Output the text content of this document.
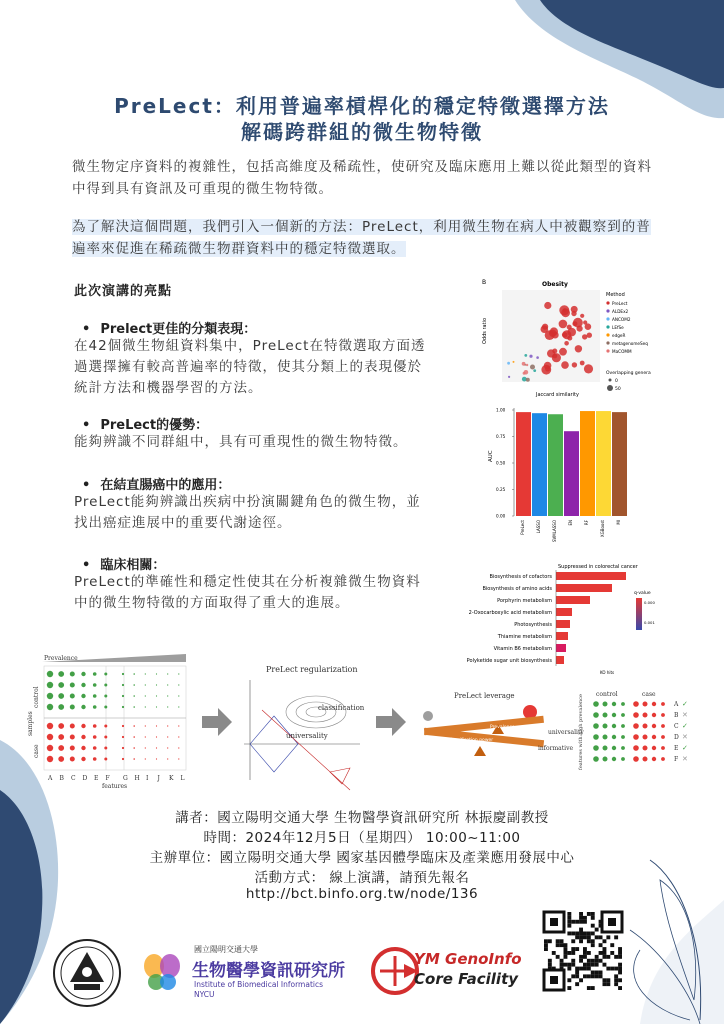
PreLect：利用普遍率槓桿化的穩定特徵選擇方法
解碼跨群組的微生物特徵
微生物定序資料的複雜性，包括高維度及稀疏性，使研究及臨床應用上難以從此類型的資料中得到具有資訊及可重現的微生物特徵。
為了解決這個問題，我們引入一個新的方法：PreLect，利用微生物在病人中被觀察到的普遍率來促進在稀疏微生物群資料中的穩定特徵選取。
此次演講的亮點
• Prelect更佳的分類表現：
在42個微生物組資料集中，PreLect在特徵選取方面透過選擇擁有較高普遍率的特徵，使其分類上的表現優於統計方法和機器學習的方法。
• PreLect的優勢：
能夠辨識不同群組中，具有可重現性的微生物特徵。
• 在結直腸癌中的應用：
PreLect能夠辨識出疾病中扮演關鍵角色的微生物，並找出癌症進展中的重要代謝途徑。
• 臨床相關：
PreLect的準確性和穩定性使其在分析複雜微生物資料中的微生物特徵的方面取得了重大的進展。
B	Obesity
Jaccard similarity
Odds ratio
Method
PreLect
ALDEx2
ANCOM2
LEfSe
edgeR
metagenomeSeq
MaCOMM
Overlapping genera
0
50
AUC
0.00
0.25
0.50
0.75
1.00
PreLect	LASSO	SVMLASSO	EN	RF	XGBoost	MI
Suppressed in colorectal cancer
Biosynthesis of cofactors
Biosynthesis of amino acids
Porphyrin metabolism
2-Oxocarboxylic acid metabolism
Photosynthesis
Thiamine metabolism
Vitamin B6 metabolism
Polyketide sugar unit biosynthesis
KO hits
q-value
0.000
0.001
Prevalence
control
case
samples
A B C D E F G H I J K L
features
PreLect regularization
classification
universality
PreLect leverage
Prevalence
Classification power
universality
informative
control	case
A ✓
B ✕
C ✓
D ✕
E ✓
F ✕
features with high prevalence
講者：國立陽明交通大學 生物醫學資訊研究所 林振慶副教授
時間：2024年12月5日（星期四） 10:00~11:00
主辦單位：國立陽明交通大學 國家基因體學臨床及產業應用發展中心
活動方式： 線上演講，請預先報名
http://bct.binfo.org.tw/node/136
國立陽明交通大學
生物醫學資訊研究所
Institute of Biomedical Informatics
NYCU
YM GenoInfo
Core Facility
